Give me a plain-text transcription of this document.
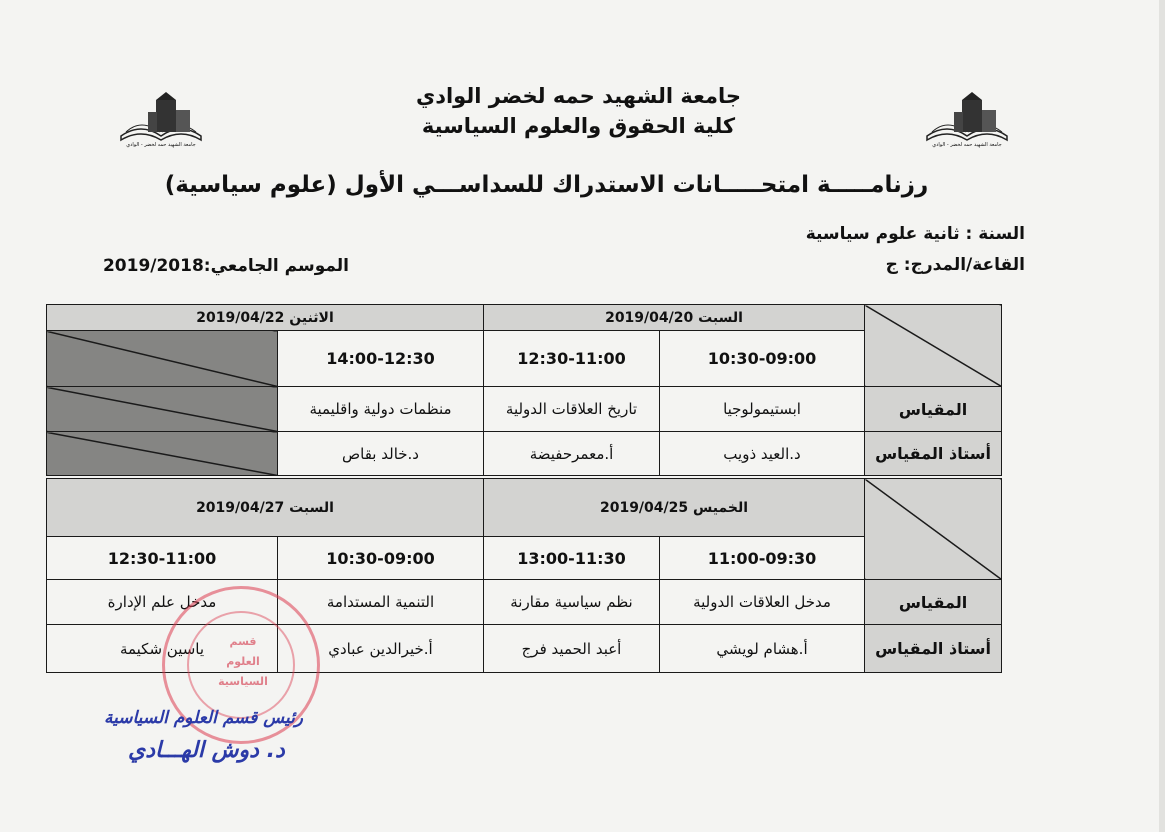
جامعة الشهيد حمه لخضر - الوادي	جامعة الشهيد حمه لخضر - الوادي
جامعة الشهيد حمه لخضر الوادي
كلية الحقوق والعلوم السياسية
رزنامـــــة امتحـــــانات الاستدراك للسداســـي الأول (علوم سياسية)
السنة : ثانية علوم سياسية
القاعة/المدرج: ج
الموسم الجامعي:2019/2018
	السبت 2019/04/20		الاثنين 2019/04/22	
	10:30-09:00	12:30-11:00	14:00-12:30	

المقياس	ابستيمولوجيا	تاريخ العلاقات الدولية	منظمات دولية واقليمية	
أستاذ المقياس	د.العيد ذويب	أ.معمرحفيضة	د.خالد بقاص	
	الخميس 2019/04/25		السبت 2019/04/27	
	11:00-09:30	13:00-11:30	10:30-09:00	12:30-11:00
المقياس	مدخل العلاقات الدولية	نظم سياسية مقارنة	التنمية المستدامة	مدخل علم الإدارة
أستاذ المقياس	أ.هشام لويشي	أعبد الحميد فرج	أ.خيرالدين عبادي	ياسين شكيمة	قسم
العلوم
السياسية
رئيس قسم العلوم السياسية
د. دوش الهـــادي
